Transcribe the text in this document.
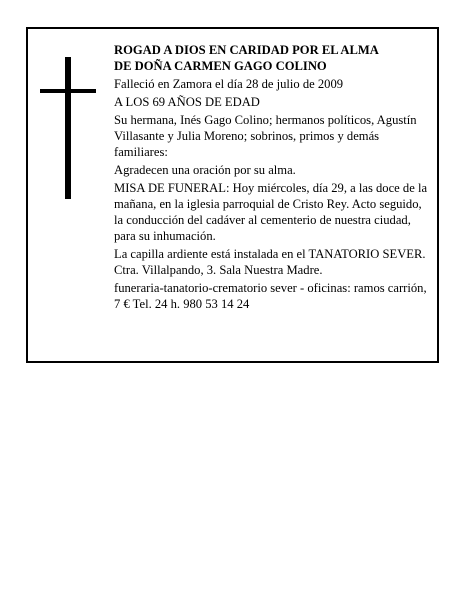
ROGAD A DIOS EN CARIDAD POR EL ALMA
DE DOÑA CARMEN GAGO COLINO

Falleció en Zamora el día 28 de julio de 2009

A LOS 69 AÑOS DE EDAD

Su hermana, Inés Gago Colino; hermanos políticos, Agustín Villasante y Julia Moreno; sobrinos, primos y demás familiares:

Agradecen una oración por su alma.

MISA DE FUNERAL: Hoy miércoles, día 29, a las doce de la mañana, en la iglesia parroquial de Cristo Rey. Acto seguido, la conducción del cadáver al cementerio de nuestra ciudad, para su inhumación.

La capilla ardiente está instalada en el TANATORIO SEVER. Ctra. Villalpando, 3. Sala Nuestra Madre.

funeraria-tanatorio-crematorio sever - oficinas: ramos carrión, 7 € Tel. 24 h. 980 53 14 24
